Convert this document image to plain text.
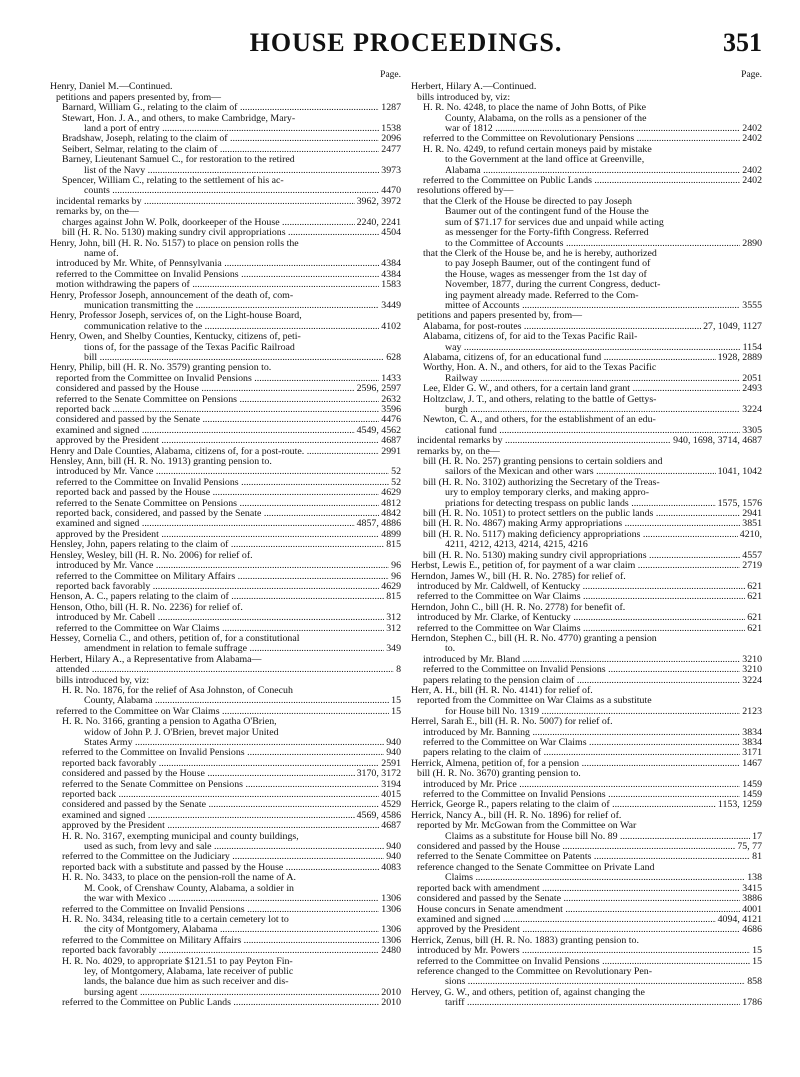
HOUSE PROCEEDINGS.	351
Page.
Henry, Daniel M.—Continued.
petitions and papers presented by, from—
Barnard, William G., relating to the claim of .....	1287
Stewart, Hon. J. A., and others, to make Cambridge, Mary-
land a port of entry .....	1538
Bradshaw, Joseph, relating to the claim of .....	2096
Seibert, Selmar, relating to the claim of .....	2477
Barney, Lieutenant Samuel C., for restoration to the retired
list of the Navy .....	3973
Spencer, William C., relating to the settlement of his ac-
counts .....	4470
incidental remarks by .....	3962, 3972
remarks by, on the—
charges against John W. Polk, doorkeeper of the House .....	2240, 2241
bill (H. R. No. 5130) making sundry civil appropriations .....	4504
Henry, John, bill (H. R. No. 5157) to place on pension rolls the
name of.
introduced by Mr. White, of Pennsylvania .....	4384
referred to the Committee on Invalid Pensions .....	4384
motion withdrawing the papers of .....	1583
Henry, Professor Joseph, announcement of the death of, com-
munication transmitting the .....	3449
Henry, Professor Joseph, services of, on the Light-house Board,
communication relative to the .....	4102
Henry, Owen, and Shelby Counties, Kentucky, citizens of, peti-
tions of, for the passage of the Texas Pacific Railroad
bill .....	628
Henry, Philip, bill (H. R. No. 3579) granting pension to.
reported from the Committee on Invalid Pensions .....	1433
considered and passed by the House .....	2596, 2597
referred to the Senate Committee on Pensions .....	2632
reported back .....	3596
considered and passed by the Senate .....	4476
examined and signed .....	4549, 4562
approved by the President .....	4687
Henry and Dale Counties, Alabama, citizens of, for a post-route. .....	2991
Hensley, Ann, bill (H. R. No. 1913) granting pension to.
introduced by Mr. Vance .....	52
referred to the Committee on Invalid Pensions .....	52
reported back and passed by the House .....	4629
referred to the Senate Committee on Pensions .....	4812
reported back, considered, and passed by the Senate .....	4842
examined and signed .....	4857, 4886
approved by the President .....	4899
Hensley, John, papers relating to the claim of .....	815
Hensley, Wesley, bill (H. R. No. 2006) for relief of.
introduced by Mr. Vance .....	96
referred to the Committee on Military Affairs .....	96
reported back favorably .....	4629
Henson, A. C., papers relating to the claim of .....	815
Henson, Otho, bill (H. R. No. 2236) for relief of.
introduced by Mr. Cabell .....	312
referred to the Committee on War Claims .....	312
Hessey, Cornelia C., and others, petition of, for a constitutional
amendment in relation to female suffrage .....	349
Herbert, Hilary A., a Representative from Alabama—
attended .....	8
bills introduced by, viz:
H. R. No. 1876, for the relief of Asa Johnston, of Conecuh
County, Alabama .....	15
referred to the Committee on War Claims .....	15
H. R. No. 3166, granting a pension to Agatha O'Brien,
widow of John P. J. O'Brien, brevet major United
States Army .....	940
referred to the Committee on Invalid Pensions .....	940
reported back favorably .....	2591
considered and passed by the House .....	3170, 3172
referred to the Senate Committee on Pensions .....	3194
reported back .....	4015
considered and passed by the Senate .....	4529
examined and signed .....	4569, 4586
approved by the President .....	4687
H. R. No. 3167, exempting municipal and county buildings,
used as such, from levy and sale .....	940
referred to the Committee on the Judiciary .....	940
reported back with a substitute and passed by the House .....	4083
H. R. No. 3433, to place on the pension-roll the name of A.
M. Cook, of Crenshaw County, Alabama, a soldier in
the war with Mexico .....	1306
referred to the Committee on Invalid Pensions .....	1306
H. R. No. 3434, releasing title to a certain cemetery lot to
the city of Montgomery, Alabama .....	1306
referred to the Committee on Military Affairs .....	1306
reported back favorably .....	2480
H. R. No. 4029, to appropriate $121.51 to pay Peyton Fin-
ley, of Montgomery, Alabama, late receiver of public
lands, the balance due him as such receiver and dis-
bursing agent .....	2010
referred to the Committee on Public Lands .....	2010
Page.
Herbert, Hilary A.—Continued.
bills introduced by, viz:
H. R. No. 4248, to place the name of John Botts, of Pike
County, Alabama, on the rolls as a pensioner of the
war of 1812 .....	2402
referred to the Committee on Revolutionary Pensions .....	2402
H. R. No. 4249, to refund certain moneys paid by mistake
to the Government at the land office at Greenville,
Alabama .....	2402
referred to the Committee on Public Lands .....	2402
resolutions offered by—
that the Clerk of the House be directed to pay Joseph
Baumer out of the contingent fund of the House the
sum of $71.17 for services due and unpaid while acting
as messenger for the Forty-fifth Congress. Referred
to the Committee of Accounts .....	2890
that the Clerk of the House be, and he is hereby, authorized
to pay Joseph Baumer, out of the contingent fund of
the House, wages as messenger from the 1st day of
November, 1877, during the current Congress, deduct-
ing payment already made. Referred to the Com-
mittee of Accounts .....	3555
petitions and papers presented by, from—
Alabama, for post-routes .....	27, 1049, 1127
Alabama, citizens of, for aid to the Texas Pacific Rail-
way .....	1154
Alabama, citizens of, for an educational fund .....	1928, 2889
Worthy, Hon. A. N., and others, for aid to the Texas Pacific
Railway .....	2051
Lee, Elder G. W., and others, for a certain land grant .....	2493
Holtzclaw, J. T., and others, relating to the battle of Gettys-
burgh .....	3224
Newton, C. A., and others, for the establishment of an edu-
cational fund .....	3305
incidental remarks by .....	940, 1698, 3714, 4687
remarks by, on the—
bill (H. R. No. 257) granting pensions to certain soldiers and
sailors of the Mexican and other wars .....	1041, 1042
bill (H. R. No. 3102) authorizing the Secretary of the Treas-
ury to employ temporary clerks, and making appro-
priations for detecting trespass on public lands .....	1575, 1576
bill (H. R. No. 1051) to protect settlers on the public lands .....	2941
bill (H. R. No. 4867) making Army appropriations .....	3851
bill (H. R. No. 5117) making deficiency appropriations .....	4210,
4211, 4212, 4213, 4214, 4215, 4216
bill (H. R. No. 5130) making sundry civil appropriations .....	4557
Herbst, Lewis E., petition of, for payment of a war claim .....	2719
Herndon, James W., bill (H. R. No. 2785) for relief of.
introduced by Mr. Caldwell, of Kentucky .....	621
referred to the Committee on War Claims .....	621
Herndon, John C., bill (H. R. No. 2778) for benefit of.
introduced by Mr. Clarke, of Kentucky .....	621
referred to the Committee on War Claims .....	621
Herndon, Stephen C., bill (H. R. No. 4770) granting a pension
to.
introduced by Mr. Bland .....	3210
referred to the Committee on Invalid Pensions .....	3210
papers relating to the pension claim of .....	3224
Herr, A. H., bill (H. R. No. 4141) for relief of.
reported from the Committee on War Claims as a substitute
for House bill No. 1319 .....	2123
Herrel, Sarah E., bill (H. R. No. 5007) for relief of.
introduced by Mr. Banning .....	3834
referred to the Committee on War Claims .....	3834
papers relating to the claim of .....	3171
Herrick, Almena, petition of, for a pension .....	1467
bill (H. R. No. 3670) granting pension to.
introduced by Mr. Price .....	1459
referred to the Committee on Invalid Pensions .....	1459
Herrick, George R., papers relating to the claim of .....	1153, 1259
Herrick, Nancy A., bill (H. R. No. 1896) for relief of.
reported by Mr. McGowan from the Committee on War
Claims as a substitute for House bill No. 89 .....	17
considered and passed by the House .....	75, 77
referred to the Senate Committee on Patents .....	81
reference changed to the Senate Committee on Private Land
Claims .....	138
reported back with amendment .....	3415
considered and passed by the Senate .....	3886
House concurs in Senate amendment .....	4001
examined and signed .....	4094, 4121
approved by the President .....	4686
Herrick, Zenus, bill (H. R. No. 1883) granting pension to.
introduced by Mr. Powers .....	15
referred to the Committee on Invalid Pensions .....	15
reference changed to the Committee on Revolutionary Pen-
sions .....	858
Hervey, G. W., and others, petition of, against changing the
tariff .....	1786
